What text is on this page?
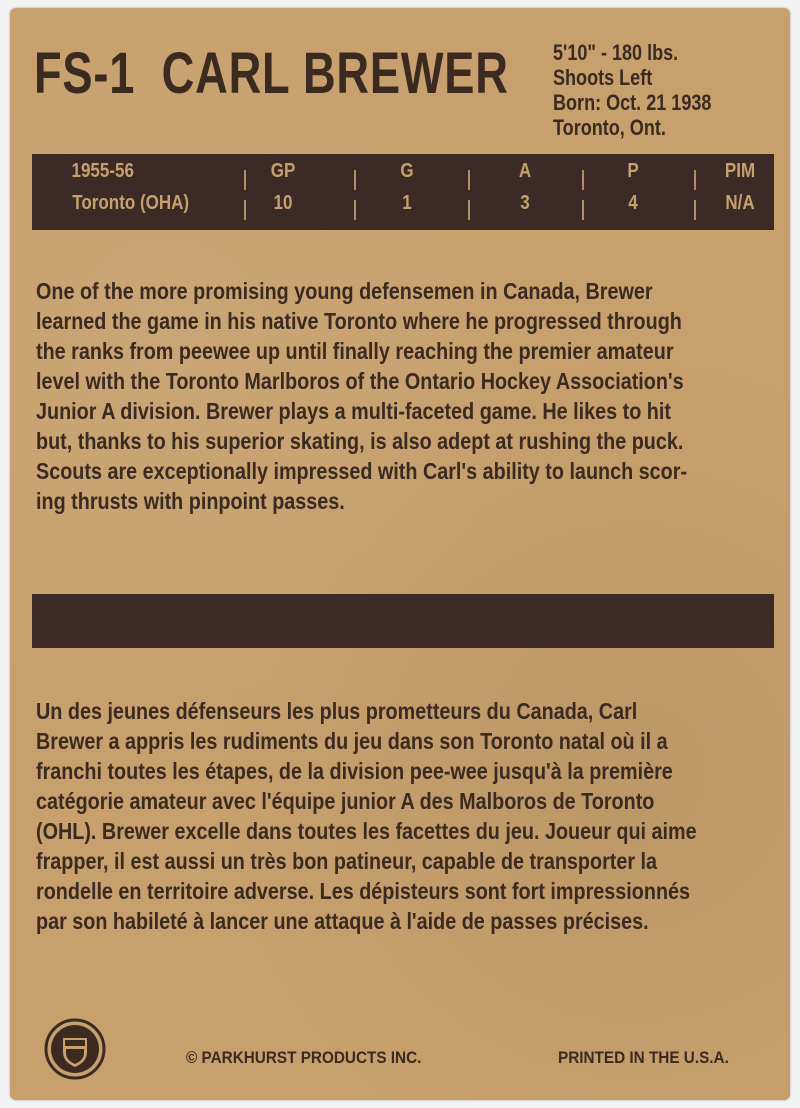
FS-1 CARL BREWER 5'10" - 180 lbs.
Shoots Left
Born: Oct. 21 1938
Toronto, Ont.
1955-56	GP	G	A	P	PIM
Toronto (OHA)	10	1	3	4	N/A
One of the more promising young defensemen in Canada, Brewer
learned the game in his native Toronto where he progressed through
the ranks from peewee up until finally reaching the premier amateur
level with the Toronto Marlboros of the Ontario Hockey Association's
Junior A division. Brewer plays a multi-faceted game. He likes to hit
but, thanks to his superior skating, is also adept at rushing the puck.
Scouts are exceptionally impressed with Carl's ability to launch scor-
ing thrusts with pinpoint passes.
Un des jeunes défenseurs les plus prometteurs du Canada, Carl
Brewer a appris les rudiments du jeu dans son Toronto natal où il a
franchi toutes les étapes, de la division pee-wee jusqu'à la première
catégorie amateur avec l'équipe junior A des Malboros de Toronto
(OHL). Brewer excelle dans toutes les facettes du jeu. Joueur qui aime
frapper, il est aussi un très bon patineur, capable de transporter la
rondelle en territoire adverse. Les dépisteurs sont fort impressionnés
par son habileté à lancer une attaque à l'aide de passes précises.
© PARKHURST PRODUCTS INC.	PRINTED IN THE U.S.A.
